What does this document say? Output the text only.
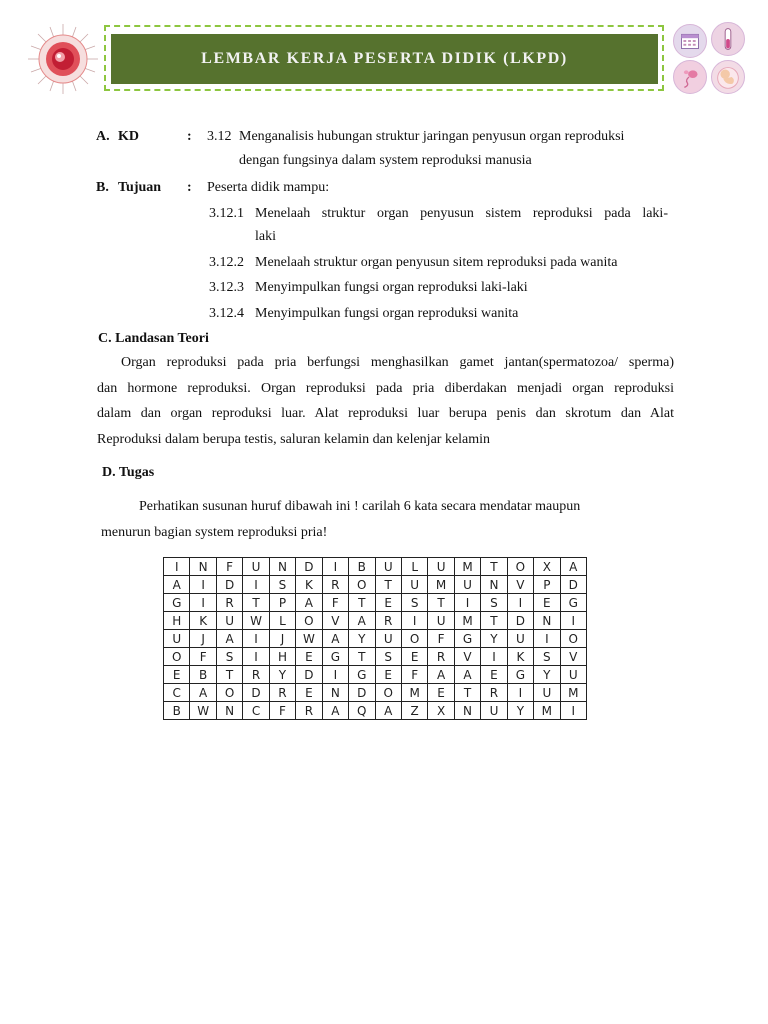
LEMBAR KERJA PESERTA DIDIK (LKPD)
A. KD	: 3.12 Menganalisis hubungan struktur jaringan penyusun organ reproduksi
dengan fungsinya dalam system reproduksi manusia
B. Tujuan : Peserta didik mampu:
3.12.1 Menelaah struktur organ penyusun sistem reproduksi pada laki-
laki
3.12.2 Menelaah struktur organ penyusun sitem reproduksi pada wanita
3.12.3 Menyimpulkan fungsi organ reproduksi laki-laki
3.12.4 Menyimpulkan fungsi organ reproduksi wanita
C. Landasan Teori
Organ reproduksi pada pria berfungsi menghasilkan gamet jantan(spermatozoa/ sperma)
dan hormone reproduksi. Organ reproduksi pada pria diberdakan menjadi organ reproduksi
dalam dan organ reproduksi luar. Alat reproduksi luar berupa penis dan skrotum dan Alat
Reproduksi dalam berupa testis, saluran kelamin dan kelenjar kelamin
D. Tugas
Perhatikan susunan huruf dibawah ini ! carilah 6 kata secara mendatar maupun
menurun bagian system reproduksi pria!
I	N	F	U	N	D	I	B	U	L	U	M	T	O	X	A
A	I	D	I	S	K	R	O	T	U	M	U	N	V	P	D
G	I	R	T	P	A	F	T	E	S	T	I	S	I	E	G
H	K	U	W	L	O	V	A	R	I	U	M	T	D	N	I
U	J	A	I	J	W	A	Y	U	O	F	G	Y	U	I	O
O	F	S	I	H	E	G	T	S	E	R	V	I	K	S	V
E	B	T	R	Y	D	I	G	E	F	A	A	E	G	Y	U
C	A	O	D	R	E	N	D	O	M	E	T	R	I	U	M
B	W	N	C	F	R	A	Q	A	Z	X	N	U	Y	M	I
